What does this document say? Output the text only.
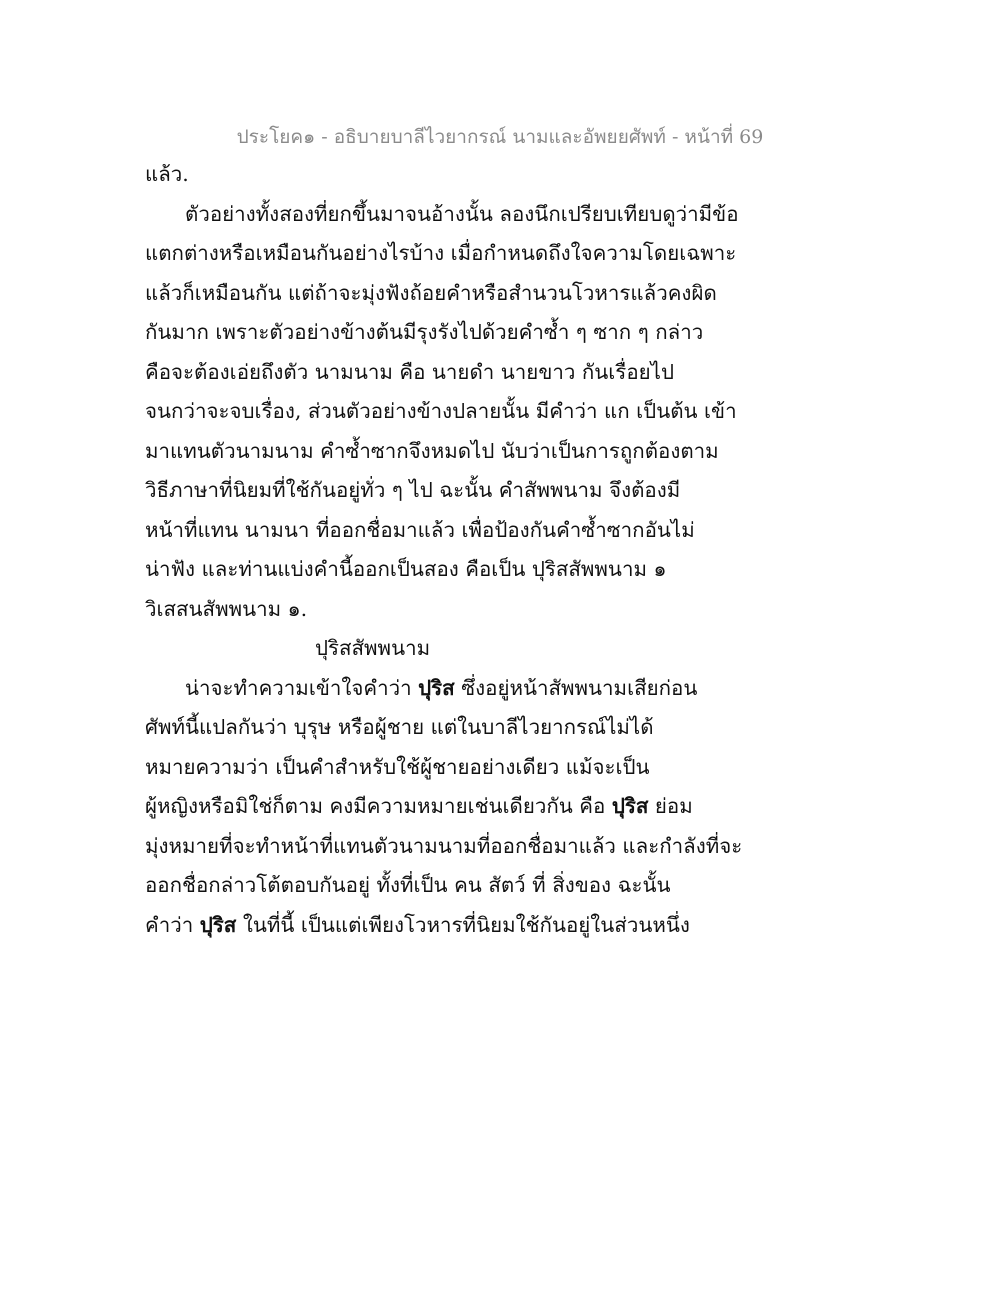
ประโยค๑ - อธิบายบาลีไวยากรณ์ นามและอัพยยศัพท์ - หน้าที่ 69
แล้ว.
ตัวอย่างทั้งสองที่ยกขึ้นมาจนอ้างนั้น ลองนึกเปรียบเทียบดูว่ามีข้อ
แตกต่างหรือเหมือนกันอย่างไรบ้าง เมื่อกำหนดถึงใจความโดยเฉพาะ
แล้วก็เหมือนกัน แต่ถ้าจะมุ่งฟังถ้อยคำหรือสำนวนโวหารแล้วคงผิด
กันมาก เพราะตัวอย่างข้างต้นมีรุงรังไปด้วยคำซ้ำ ๆ ซาก ๆ กล่าว
คือจะต้องเอ่ยถึงตัว นามนาม คือ นายดำ นายขาว กันเรื่อยไป
จนกว่าจะจบเรื่อง, ส่วนตัวอย่างข้างปลายนั้น มีคำว่า แก เป็นต้น เข้า
มาแทนตัวนามนาม คำซ้ำซากจึงหมดไป นับว่าเป็นการถูกต้องตาม
วิธีภาษาที่นิยมที่ใช้กันอยู่ทั่ว ๆ ไป ฉะนั้น คำสัพพนาม จึงต้องมี
หน้าที่แทน นามนา ที่ออกชื่อมาแล้ว เพื่อป้องกันคำซ้ำซากอันไม่
น่าฟัง และท่านแบ่งคำนี้ออกเป็นสอง คือเป็น ปุริสสัพพนาม ๑
วิเสสนสัพพนาม ๑.
ปุริสสัพพนาม
น่าจะทำความเข้าใจคำว่า ปุริส ซึ่งอยู่หน้าสัพพนามเสียก่อน
ศัพท์นี้แปลกันว่า บุรุษ หรือผู้ชาย แต่ในบาลีไวยากรณ์ไม่ได้
หมายความว่า เป็นคำสำหรับใช้ผู้ชายอย่างเดียว แม้จะเป็น
ผู้หญิงหรือมิใช่ก็ตาม คงมีความหมายเช่นเดียวกัน คือ ปุริส ย่อม
มุ่งหมายที่จะทำหน้าที่แทนตัวนามนามที่ออกชื่อมาแล้ว และกำลังที่จะ
ออกชื่อกล่าวโต้ตอบกันอยู่ ทั้งที่เป็น คน สัตว์ ที่ สิ่งของ ฉะนั้น
คำว่า ปุริส ในที่นี้ เป็นแต่เพียงโวหารที่นิยมใช้กันอยู่ในส่วนหนึ่ง
